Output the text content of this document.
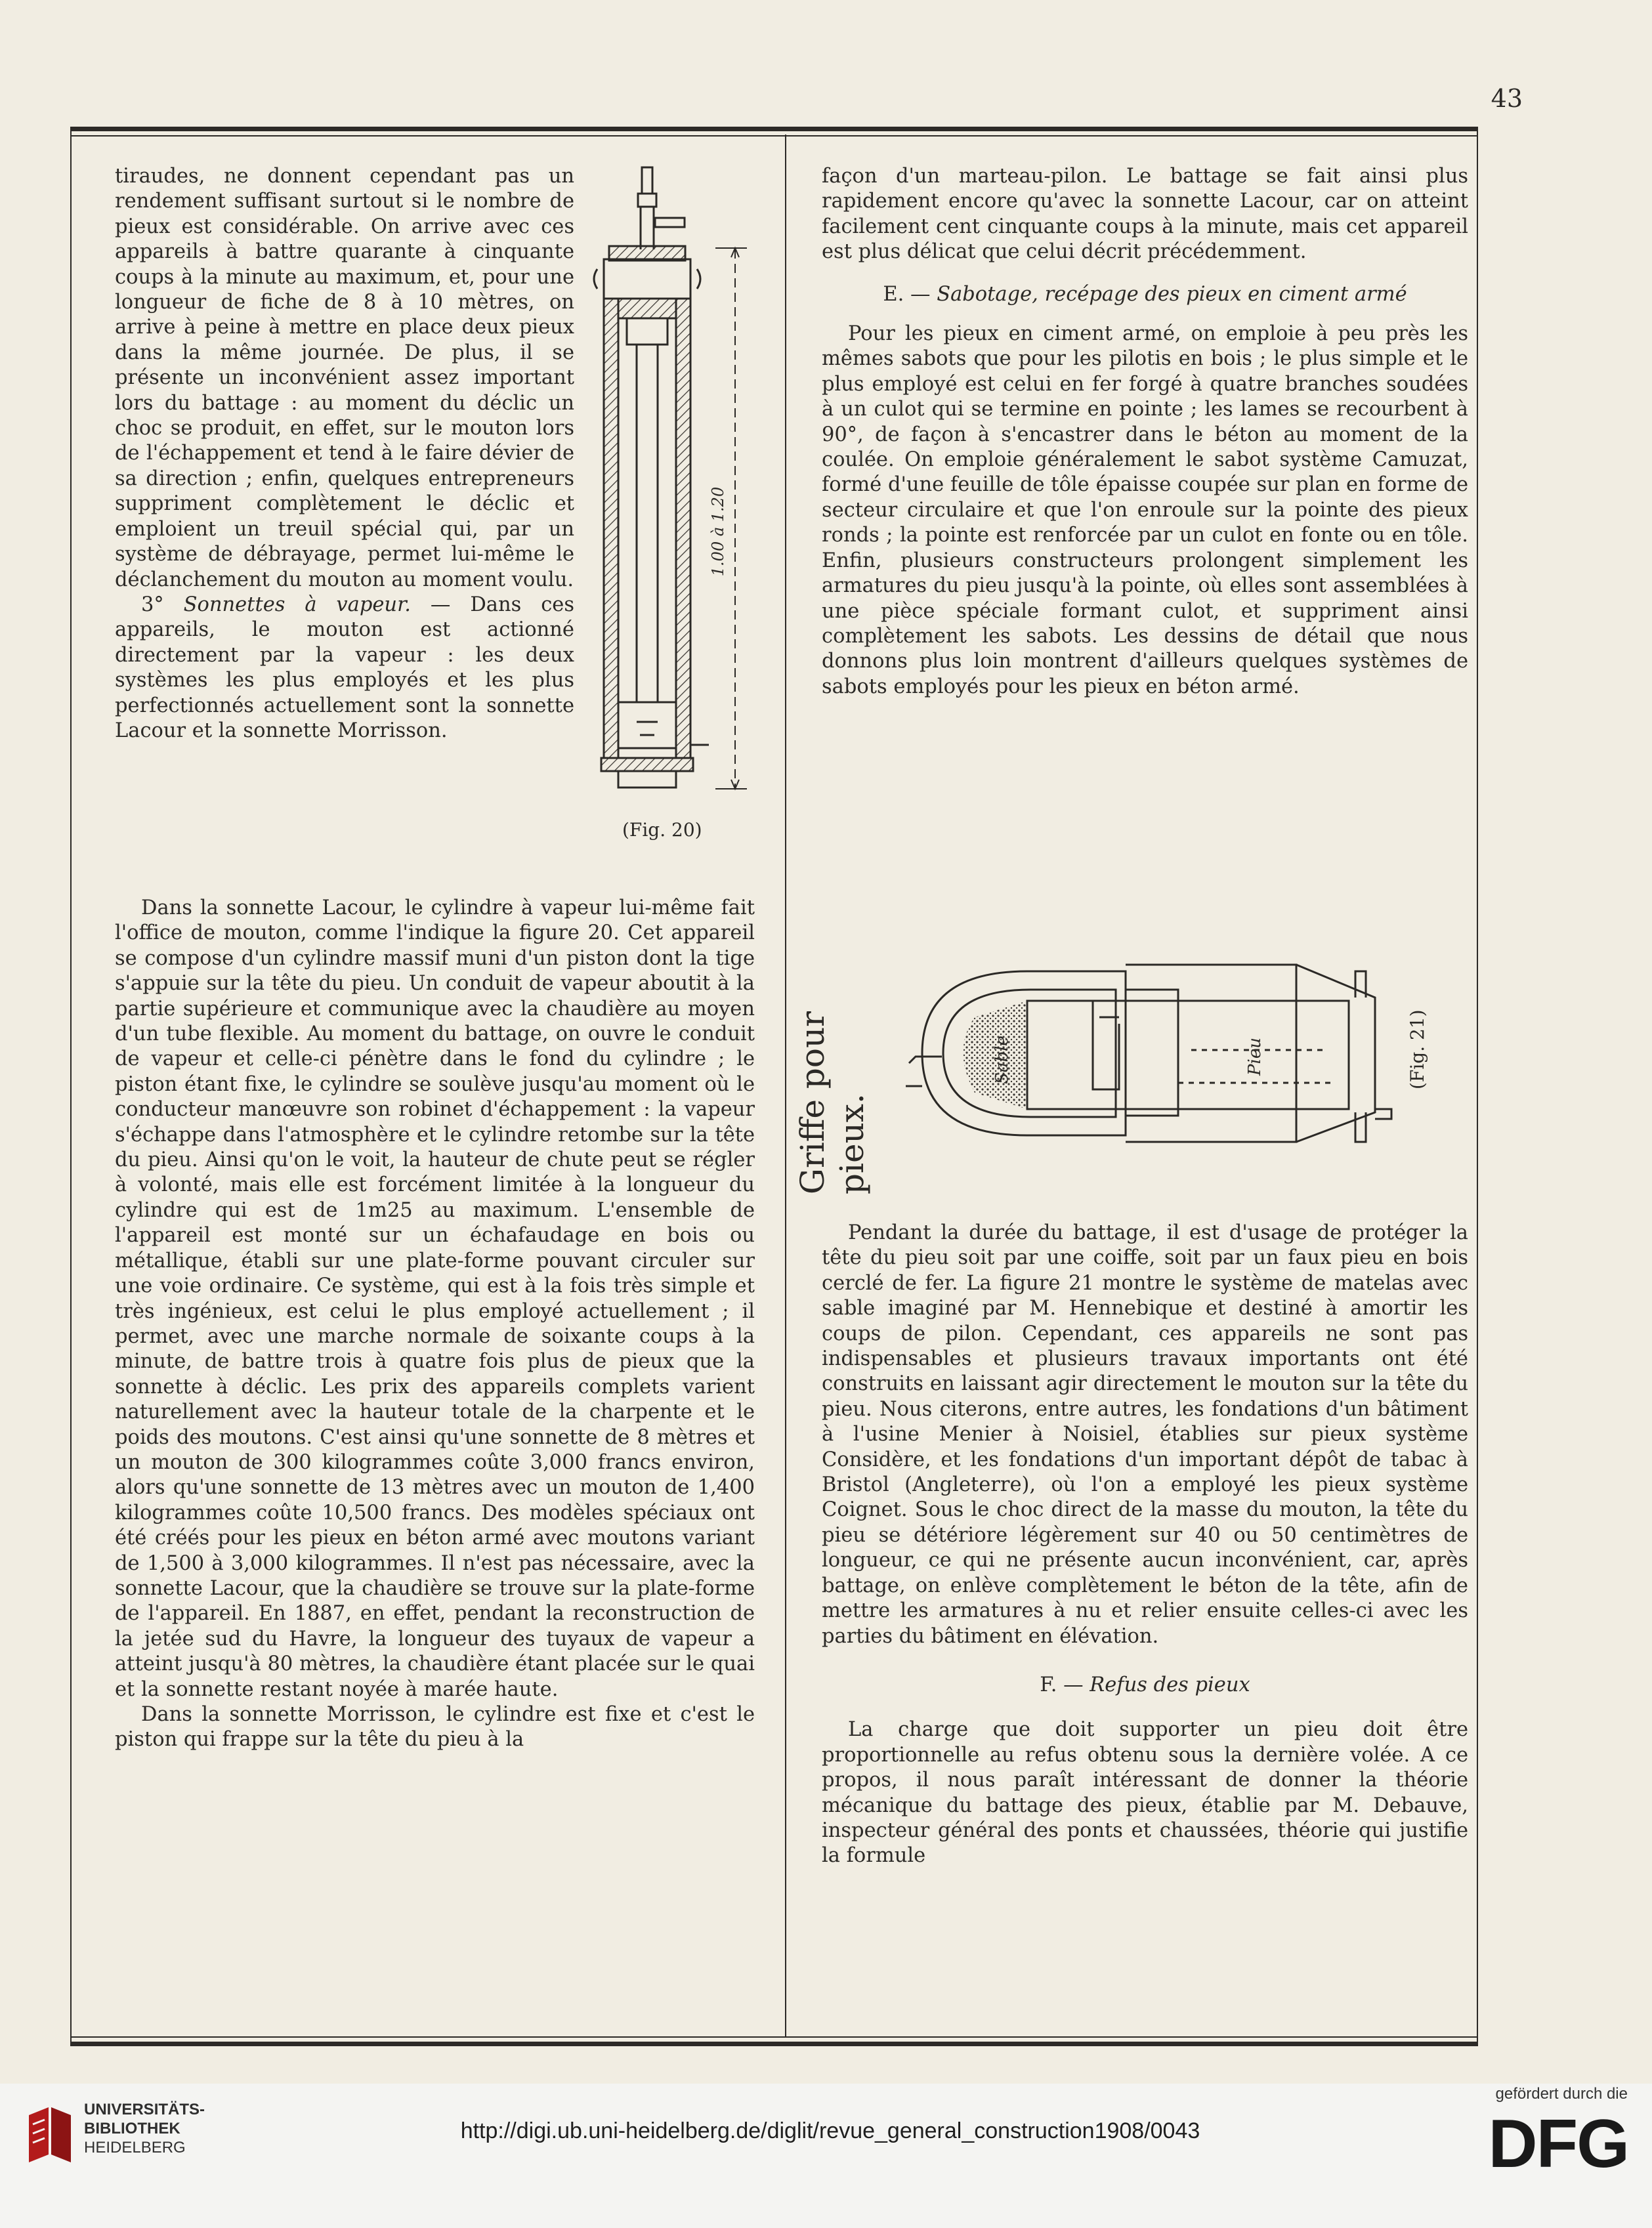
43

tiraudes, ne donnent cependant pas un rendement suffisant surtout si le nombre de pieux est considérable. On arrive avec ces appareils à battre quarante à cinquante coups à la minute au maximum, et, pour une longueur de fiche de 8 à 10 mètres, on arrive à peine à mettre en place deux pieux dans la même journée. De plus, il se présente un inconvénient assez important lors du battage : au moment du déclic un choc se produit, en effet, sur le mouton lors de l'échappement et tend à le faire dévier de sa direction ; enfin, quelques entrepreneurs suppriment complètement le déclic et emploient un treuil spécial qui, par un système de débrayage, permet lui-même le déclanchement du mouton au moment voulu.

3° Sonnettes à vapeur. — Dans ces appareils, le mouton est actionné directement par la vapeur : les deux systèmes les plus employés et les plus perfectionnés actuellement sont la sonnette Lacour et la sonnette Morrisson.

Dans la sonnette Lacour, le cylindre à vapeur lui-même fait l'office de mouton, comme l'indique la figure 20. Cet appareil se compose d'un cylindre massif muni d'un piston dont la tige s'appuie sur la tête du pieu. Un conduit de vapeur aboutit à la partie supérieure et communique avec la chaudière au moyen d'un tube flexible. Au moment du battage, on ouvre le conduit de vapeur et celle-ci pénètre dans le fond du cylindre ; le piston étant fixe, le cylindre se soulève jusqu'au moment où le conducteur manœuvre son robinet d'échappement : la vapeur s'échappe dans l'atmosphère et le cylindre retombe sur la tête du pieu. Ainsi qu'on le voit, la hauteur de chute peut se régler à volonté, mais elle est forcément limitée à la longueur du cylindre qui est de 1m25 au maximum. L'ensemble de l'appareil est monté sur un échafaudage en bois ou métallique, établi sur une plate-forme pouvant circuler sur une voie ordinaire. Ce système, qui est à la fois très simple et très ingénieux, est celui le plus employé actuellement ; il permet, avec une marche normale de soixante coups à la minute, de battre trois à quatre fois plus de pieux que la sonnette à déclic. Les prix des appareils complets varient naturellement avec la hauteur totale de la charpente et le poids des moutons. C'est ainsi qu'une sonnette de 8 mètres et un mouton de 300 kilogrammes coûte 3,000 francs environ, alors qu'une sonnette de 13 mètres avec un mouton de 1,400 kilogrammes coûte 10,500 francs. Des modèles spéciaux ont été créés pour les pieux en béton armé avec moutons variant de 1,500 à 3,000 kilogrammes. Il n'est pas nécessaire, avec la sonnette Lacour, que la chaudière se trouve sur la plate-forme de l'appareil. En 1887, en effet, pendant la reconstruction de la jetée sud du Havre, la longueur des tuyaux de vapeur a atteint jusqu'à 80 mètres, la chaudière étant placée sur le quai et la sonnette restant noyée à marée haute.

Dans la sonnette Morrisson, le cylindre est fixe et c'est le piston qui frappe sur la tête du pieu à la

1.00 à 1.20
(Fig. 20)

façon d'un marteau-pilon. Le battage se fait ainsi plus rapidement encore qu'avec la sonnette Lacour, car on atteint facilement cent cinquante coups à la minute, mais cet appareil est plus délicat que celui décrit précédemment.

E. — Sabotage, recépage des pieux en ciment armé

Pour les pieux en ciment armé, on emploie à peu près les mêmes sabots que pour les pilotis en bois ; le plus simple et le plus employé est celui en fer forgé à quatre branches soudées à un culot qui se termine en pointe ; les lames se recourbent à 90°, de façon à s'encastrer dans le béton au moment de la coulée. On emploie généralement le sabot système Camuzat, formé d'une feuille de tôle épaisse coupée sur plan en forme de secteur circulaire et que l'on enroule sur la pointe des pieux ronds ; la pointe est renforcée par un culot en fonte ou en tôle. Enfin, plusieurs constructeurs prolongent simplement les armatures du pieu jusqu'à la pointe, où elles sont assemblées à une pièce spéciale formant culot, et suppriment ainsi complètement les sabots. Les dessins de détail que nous donnons plus loin montrent d'ailleurs quelques systèmes de sabots employés pour les pieux en béton armé.

Griffe pour pieux.
Sable	Pieu	(Fig. 21)

Pendant la durée du battage, il est d'usage de protéger la tête du pieu soit par une coiffe, soit par un faux pieu en bois cerclé de fer. La figure 21 montre le système de matelas avec sable imaginé par M. Hennebique et destiné à amortir les coups de pilon. Cependant, ces appareils ne sont pas indispensables et plusieurs travaux importants ont été construits en laissant agir directement le mouton sur la tête du pieu. Nous citerons, entre autres, les fondations d'un bâtiment à l'usine Menier à Noisiel, établies sur pieux système Considère, et les fondations d'un important dépôt de tabac à Bristol (Angleterre), où l'on a employé les pieux système Coignet. Sous le choc direct de la masse du mouton, la tête du pieu se détériore légèrement sur 40 ou 50 centimètres de longueur, ce qui ne présente aucun inconvénient, car, après battage, on enlève complètement le béton de la tête, afin de mettre les armatures à nu et relier ensuite celles-ci avec les parties du bâtiment en élévation.

F. — Refus des pieux

La charge que doit supporter un pieu doit être proportionnelle au refus obtenu sous la dernière volée. A ce propos, il nous paraît intéressant de donner la théorie mécanique du battage des pieux, établie par M. Debauve, inspecteur général des ponts et chaussées, théorie qui justifie la formule

UNIVERSITÄTS-
BIBLIOTHEK
HEIDELBERG
http://digi.ub.uni-heidelberg.de/diglit/revue_general_construction1908/0043
gefördert durch die
DFG
